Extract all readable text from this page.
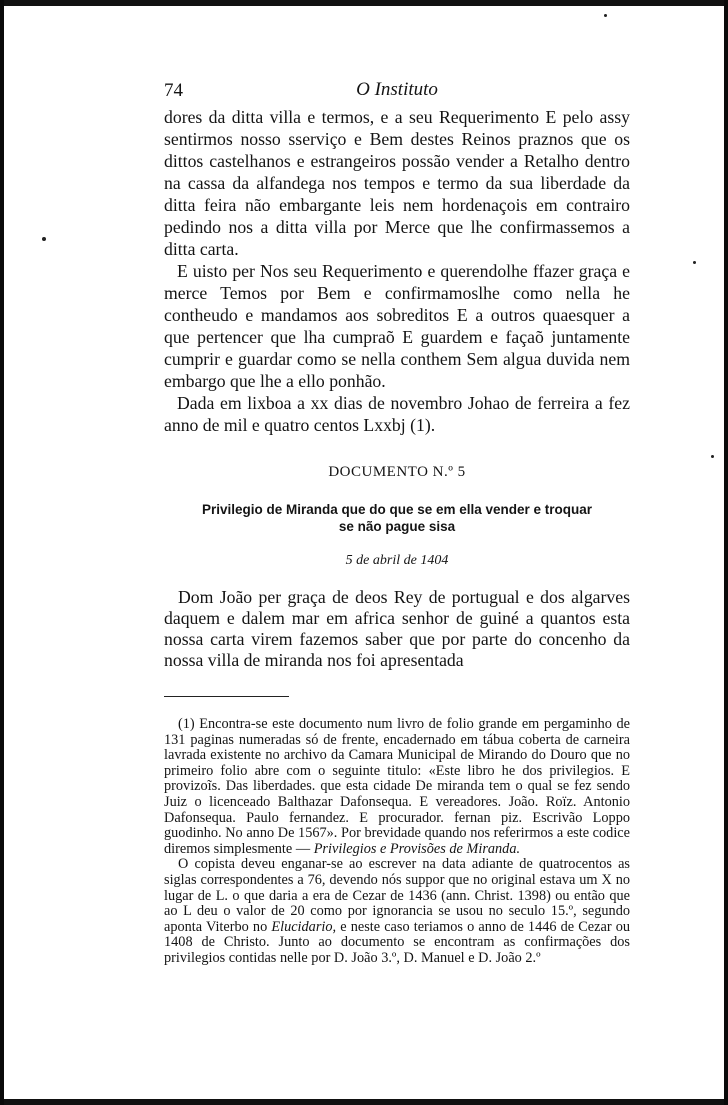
74	O Instituto

dores da ditta villa e termos, e a seu Requerimento E pelo assy sentirmos nosso sserviço e Bem destes Reinos praznos que os dittos castelhanos e estrangeiros possão vender a Retalho dentro na cassa da alfandega nos tempos e termo da sua liberdade da ditta feira não embargante leis nem hordenaçois em contrairo pedindo nos a ditta villa por Merce que lhe confirmassemos a ditta carta.

E uisto per Nos seu Requerimento e querendolhe ffazer graça e merce Temos por Bem e confirmamoslhe como nella he contheudo e mandamos aos sobreditos E a outros quaesquer a que pertencer que lha cumpraõ E guardem e façaõ juntamente cumprir e guardar como se nella conthem Sem algua duvida nem embargo que lhe a ello ponhão.

Dada em lixboa a xx dias de novembro Johao de ferreira a fez anno de mil e quatro centos Lxxbj (1).

DOCUMENTO N.º 5
Privilegio de Miranda que do que se em ella vender e troquar se não pague sisa
5 de abril de 1404

Dom João per graça de deos Rey de portugual e dos algarves daquem e dalem mar em africa senhor de guiné a quantos esta nossa carta virem fazemos saber que por parte do concenho da nossa villa de miranda nos foi apresentada

(1) Encontra-se este documento num livro de folio grande em pergaminho de 131 paginas numeradas só de frente, encadernado em tábua coberta de carneira lavrada existente no archivo da Camara Municipal de Mirando do Douro que no primeiro folio abre com o seguinte titulo: «Este libro he dos privilegios. E provizoĩs. Das liberdades. que esta cidade De miranda tem o qual se fez sendo Juiz o licenceado Balthazar Dafonsequa. E vereadores. João. Roïz. Antonio Dafonsequa. Paulo fernandez. E procurador. fernan piz. Escrivão Loppo guodinho. No anno De 1567». Por brevidade quando nos referirmos a este codice diremos simplesmente — Privilegios e Provisões de Miranda.

O copista deveu enganar-se ao escrever na data adiante de quatrocentos as siglas correspondentes a 76, devendo nós suppor que no original estava um X no lugar de L. o que daria a era de Cezar de 1436 (ann. Christ. 1398) ou então que ao L deu o valor de 20 como por ignorancia se usou no seculo 15.º, segundo aponta Viterbo no Elucidario, e neste caso teriamos o anno de 1446 de Cezar ou 1408 de Christo. Junto ao documento se encontram as confirmações dos privilegios contidas nelle por D. João 3.º, D. Manuel e D. João 2.º
